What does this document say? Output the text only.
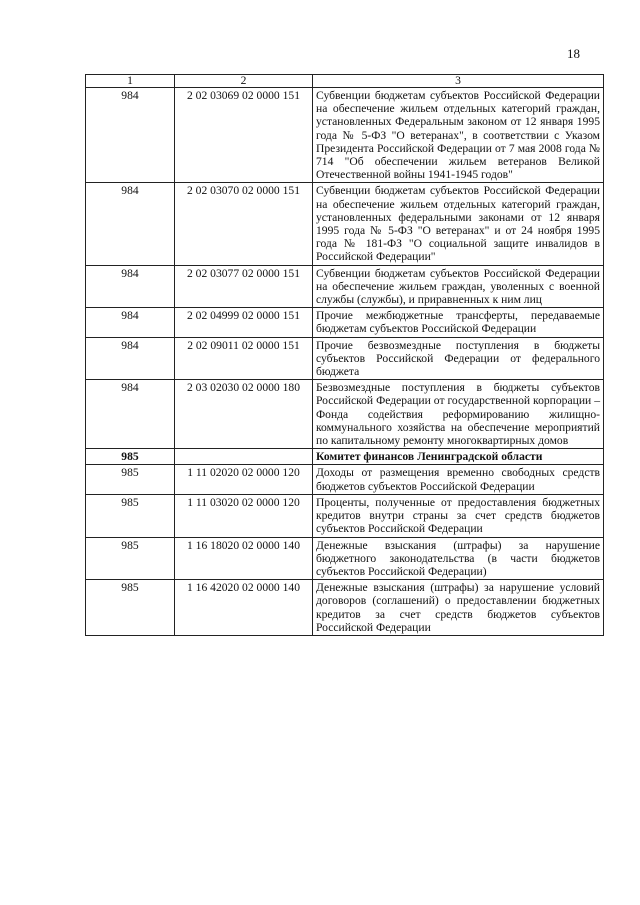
18
1	2	3
984	2 02 03069 02 0000 151	Субвенции бюджетам субъектов Российской Федерации на обеспечение жильем отдельных категорий граждан, установленных Федеральным законом от 12 января 1995 года № 5-ФЗ "О ветеранах", в соответствии с Указом Президента Российской Федерации от 7 мая 2008 года № 714 "Об обеспечении жильем ветеранов Великой Отечественной войны 1941-1945 годов"
984	2 02 03070 02 0000 151	Субвенции бюджетам субъектов Российской Федерации на обеспечение жильем отдельных категорий граждан, установленных федеральными законами от 12 января 1995 года № 5-ФЗ "О ветеранах" и от 24 ноября 1995 года № 181-ФЗ "О социальной защите инвалидов в Российской Федерации"
984	2 02 03077 02 0000 151	Субвенции бюджетам субъектов Российской Федерации на обеспечение жильем граждан, уволенных с военной службы (службы), и приравненных к ним лиц
984	2 02 04999 02 0000 151	Прочие межбюджетные трансферты, передаваемые бюджетам субъектов Российской Федерации
984	2 02 09011 02 0000 151	Прочие безвозмездные поступления в бюджеты субъектов Российской Федерации от федерального бюджета
984	2 03 02030 02 0000 180	Безвозмездные поступления в бюджеты субъектов Российской Федерации от государственной корпорации – Фонда содействия реформированию жилищно-коммунального хозяйства на обеспечение мероприятий по капитальному ремонту многоквартирных домов
985		Комитет финансов Ленинградской области
985	1 11 02020 02 0000 120	Доходы от размещения временно свободных средств бюджетов субъектов Российской Федерации
985	1 11 03020 02 0000 120	Проценты, полученные от предоставления бюджетных кредитов внутри страны за счет средств бюджетов субъектов Российской Федерации
985	1 16 18020 02 0000 140	Денежные взыскания (штрафы) за нарушение бюджетного законодательства (в части бюджетов субъектов Российской Федерации)
985	1 16 42020 02 0000 140	Денежные взыскания (штрафы) за нарушение условий договоров (соглашений) о предоставлении бюджетных кредитов за счет средств бюджетов субъектов Российской Федерации
